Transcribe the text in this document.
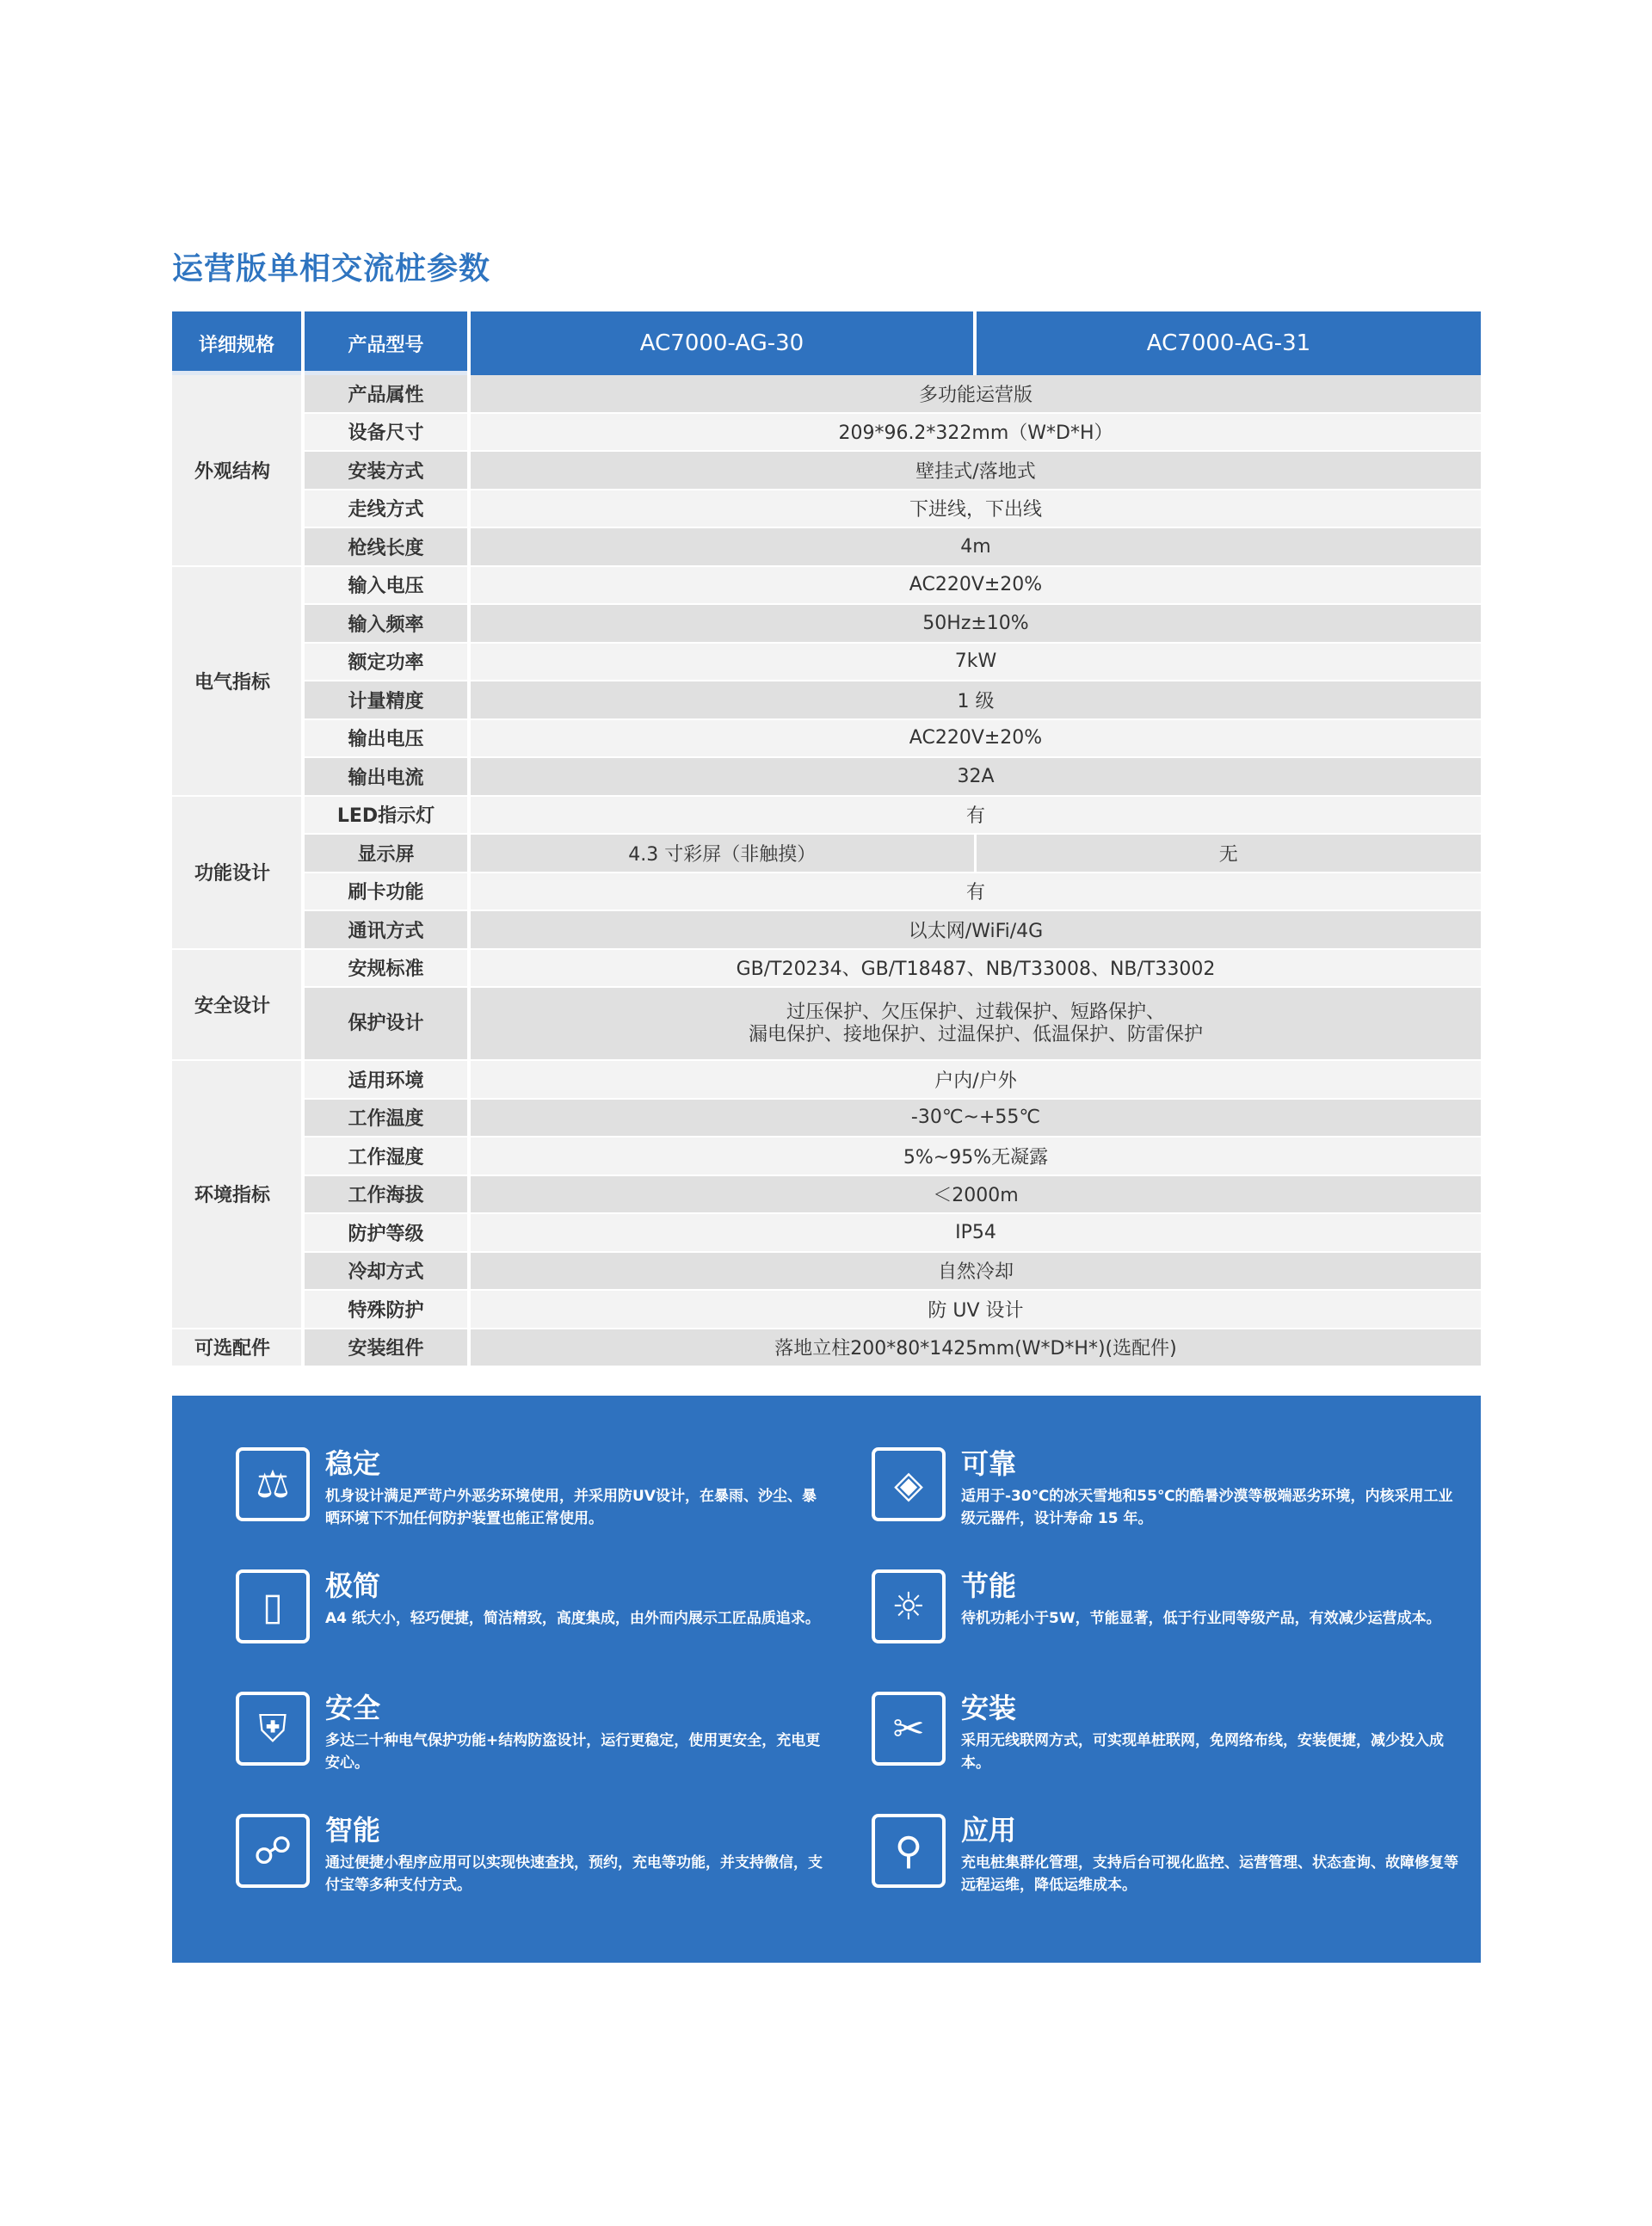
运营版单相交流桩参数
详细规格	产品型号	AC7000-AG-30	AC7000-AG-31
外观结构	产品属性	多功能运营版	
	设备尺寸	209*96.2*322mm（W*D*H）	
	安装方式	壁挂式/落地式	
	走线方式	下进线，下出线	
	枪线长度	4m	
电气指标	输入电压	AC220V±20%	
	输入频率	50Hz±10%	
	额定功率	7kW	
	计量精度	1 级	
	输出电压	AC220V±20%	
	输出电流	32A	
功能设计	LED指示灯	有	
	显示屏	4.3 寸彩屏（非触摸）	无
	刷卡功能	有	
	通讯方式	以太网/WiFi/4G	
安全设计	安规标准	GB/T20234、GB/T18487、NB/T33008、NB/T33002	
	保护设计	过压保护、欠压保护、过载保护、短路保护、
漏电保护、接地保护、过温保护、低温保护、防雷保护	

环境指标	适用环境	户内/户外	
	工作温度	-30℃~+55℃	
	工作湿度	5%~95%无凝露	
	工作海拔	＜2000m	
	防护等级	IP54	
	冷却方式	自然冷却	
	特殊防护	防 UV 设计	
可选配件	安装组件	落地立柱200*80*1425mm(W*D*H*)(选配件)	
⚖	稳定
机身设计满足严苛户外恶劣环境使用，并采用防UV设计，在暴雨、沙尘、暴晒环境下不加任何防护装置也能正常使用。
◈	可靠
适用于-30℃的冰天雪地和55℃的酷暑沙漠等极端恶劣环境，内核采用工业级元器件，设计寿命 15 年。
▯	极简
A4 纸大小，轻巧便捷，简洁精致，高度集成，由外而内展示工匠品质追求。	☼	节能
待机功耗小于5W，节能显著，低于行业同等级产品，有效减少运营成本。
⛨	安全
多达二十种电气保护功能+结构防盗设计，运行更稳定，使用更安全，充电更安心。
✂	安装
采用无线联网方式，可实现单桩联网，免网络布线，安装便捷，减少投入成本。
☍	智能
通过便捷小程序应用可以实现快速查找，预约，充电等功能，并支持微信，支付宝等多种支付方式。
⚲	应用
充电桩集群化管理，支持后台可视化监控、运营管理、状态查询、故障修复等远程运维，降低运维成本。
